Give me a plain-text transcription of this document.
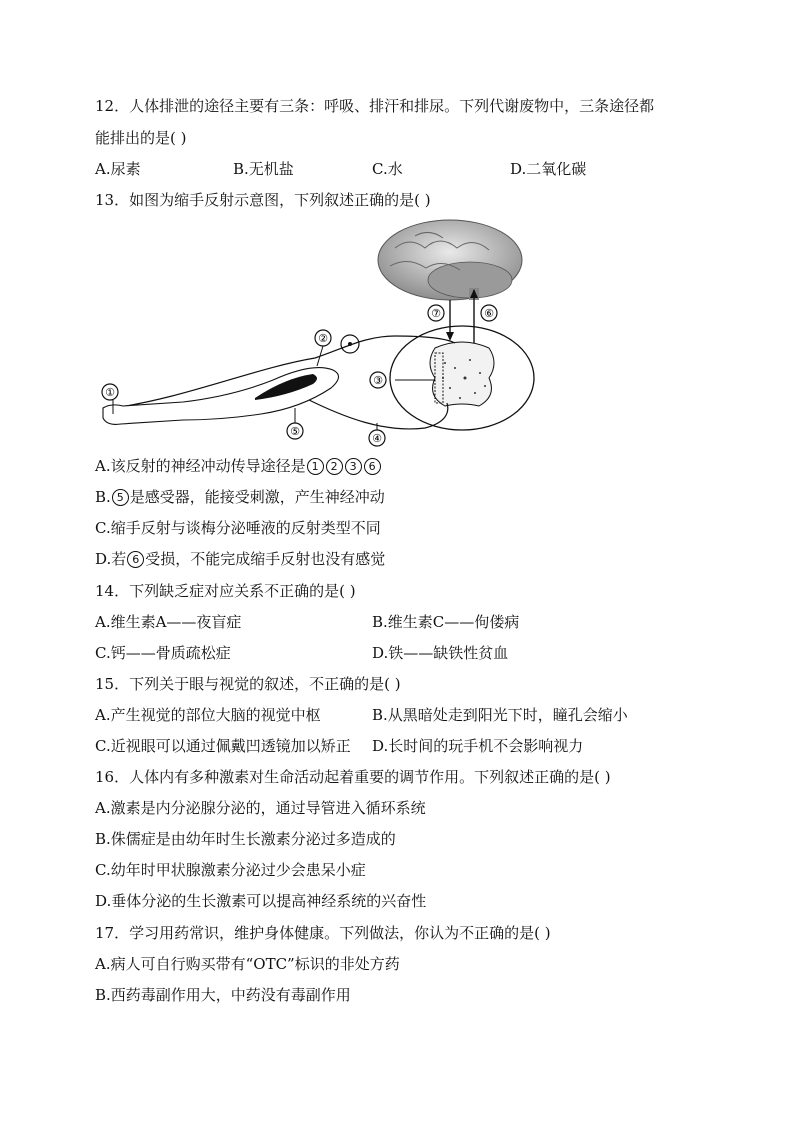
12．人体排泄的途径主要有三条：呼吸、排汗和排尿。下列代谢废物中，三条途径都
能排出的是( )
A.尿素	B.无机盐	C.水	D.二氧化碳
13．如图为缩手反射示意图，下列叙述正确的是( )
①
②
③
④
⑤
⑥
⑦
A.该反射的神经冲动传导途径是 1 2 3 6
B. 5 是感受器，能接受刺激，产生神经冲动
C.缩手反射与谈梅分泌唾液的反射类型不同
D.若 6 受损，不能完成缩手反射也没有感觉
14．下列缺乏症对应关系不正确的是( )
A.维生素A——夜盲症	B.维生素C——佝偻病
C.钙——骨质疏松症	D.铁——缺铁性贫血
15．下列关于眼与视觉的叙述，不正确的是( )
A.产生视觉的部位大脑的视觉中枢	B.从黑暗处走到阳光下时，瞳孔会缩小
C.近视眼可以通过佩戴凹透镜加以矫正 D.长时间的玩手机不会影响视力
16．人体内有多种激素对生命活动起着重要的调节作用。下列叙述正确的是( )
A.激素是内分泌腺分泌的，通过导管进入循环系统
B.侏儒症是由幼年时生长激素分泌过多造成的
C.幼年时甲状腺激素分泌过少会患呆小症
D.垂体分泌的生长激素可以提高神经系统的兴奋性
17．学习用药常识，维护身体健康。下列做法，你认为不正确的是( )
A.病人可自行购买带有“OTC”标识的非处方药
B.西药毒副作用大，中药没有毒副作用
